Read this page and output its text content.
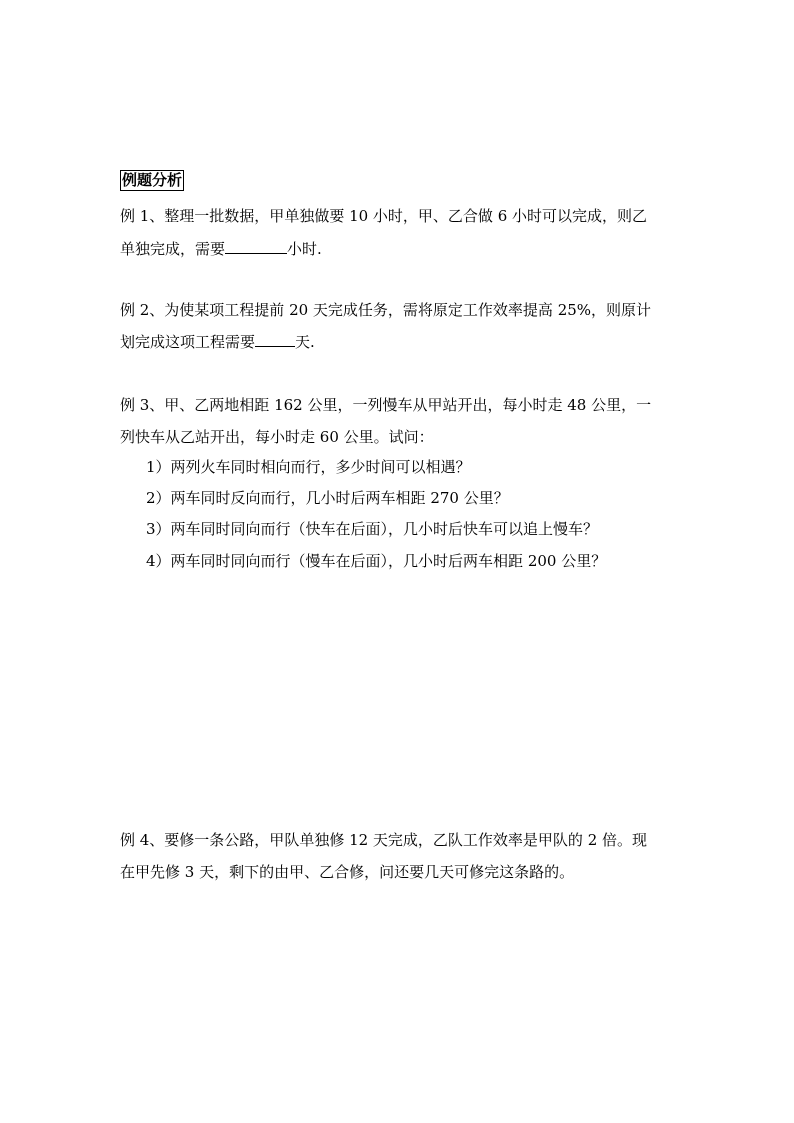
例题分析
例 1、整理一批数据，甲单独做要 10 小时，甲、乙合做 6 小时可以完成，则乙
单独完成，需要	小时.
例 2、为使某项工程提前 20 天完成任务，需将原定工作效率提高 25%，则原计
划完成这项工程需要	天.
例 3、甲、乙两地相距 162 公里，一列慢车从甲站开出，每小时走 48 公里，一
列快车从乙站开出，每小时走 60 公里。试问：
1）两列火车同时相向而行，多少时间可以相遇？
2）两车同时反向而行，几小时后两车相距 270 公里？
3）两车同时同向而行（快车在后面），几小时后快车可以追上慢车？
4）两车同时同向而行（慢车在后面），几小时后两车相距 200 公里？
例 4、要修一条公路，甲队单独修 12 天完成，乙队工作效率是甲队的 2 倍。现
在甲先修 3 天，剩下的由甲、乙合修，问还要几天可修完这条路的。
